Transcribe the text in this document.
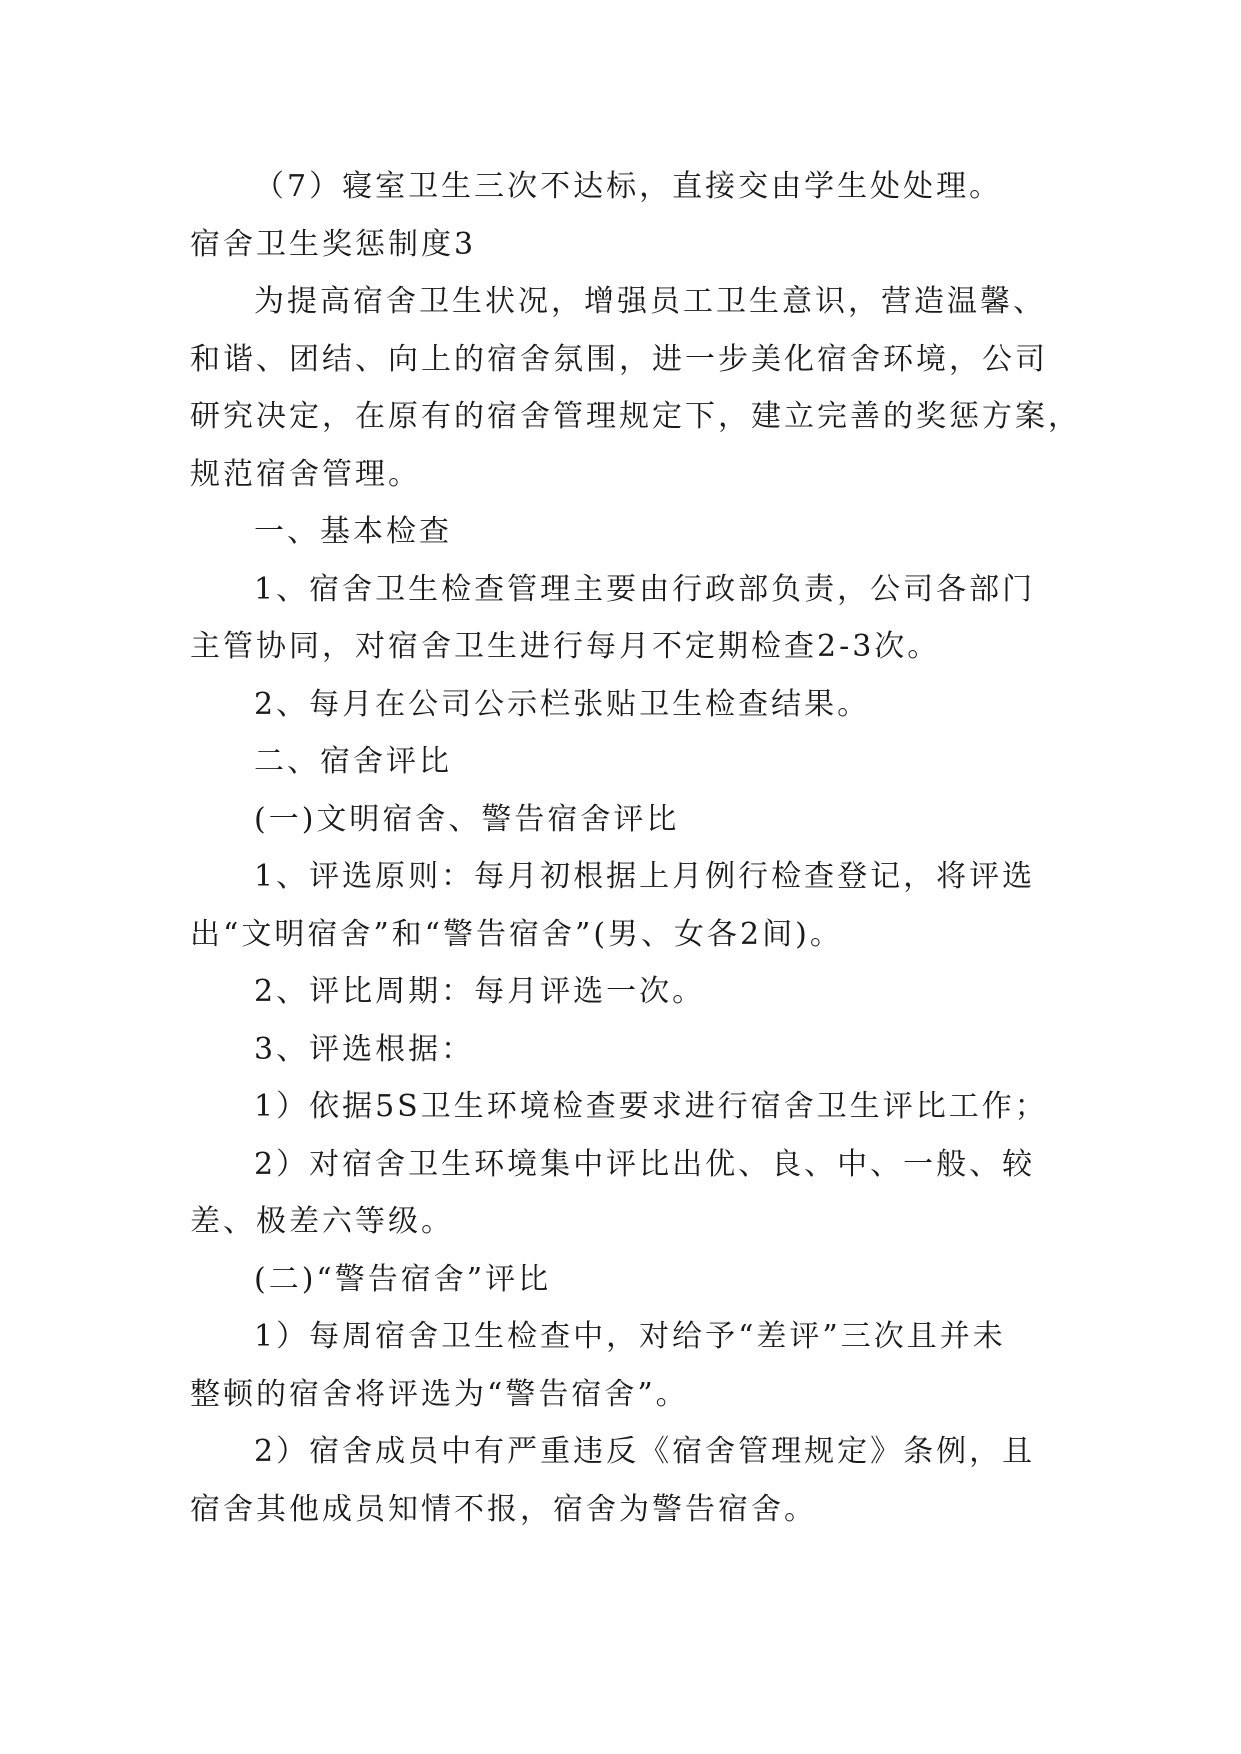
（7）寝室卫生三次不达标，直接交由学生处处理。
宿舍卫生奖惩制度3
为提高宿舍卫生状况，增强员工卫生意识，营造温馨、
和谐、团结、向上的宿舍氛围，进一步美化宿舍环境，公司
研究决定，在原有的宿舍管理规定下，建立完善的奖惩方案，
规范宿舍管理。
一、基本检查
1、宿舍卫生检查管理主要由行政部负责，公司各部门
主管协同，对宿舍卫生进行每月不定期检查2-3次。
2、每月在公司公示栏张贴卫生检查结果。
二、宿舍评比
(一)文明宿舍、警告宿舍评比
1、评选原则：每月初根据上月例行检查登记，将评选
出“文明宿舍”和“警告宿舍”(男、女各2间)。
2、评比周期：每月评选一次。
3、评选根据：
1）依据5S卫生环境检查要求进行宿舍卫生评比工作；
2）对宿舍卫生环境集中评比出优、良、中、一般、较
差、极差六等级。
(二)“警告宿舍”评比
1）每周宿舍卫生检查中，对给予“差评”三次且并未
整顿的宿舍将评选为“警告宿舍”。
2）宿舍成员中有严重违反《宿舍管理规定》条例，且
宿舍其他成员知情不报，宿舍为警告宿舍。
